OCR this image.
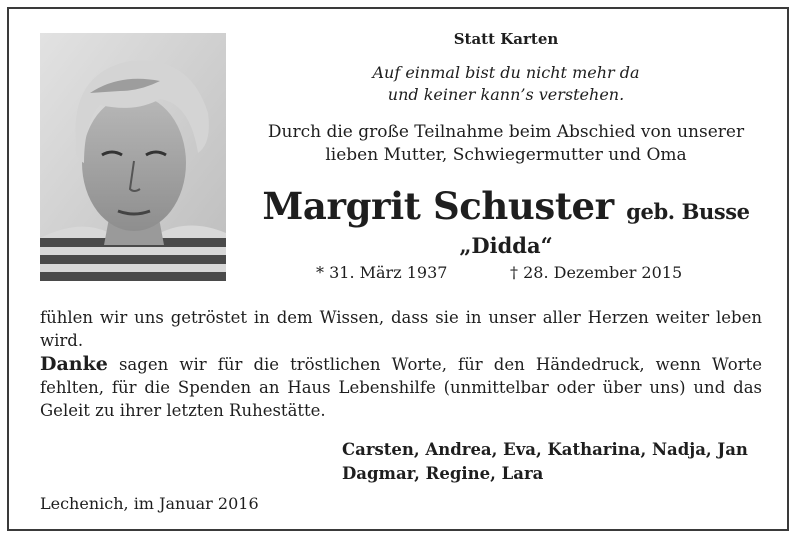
Statt Karten
Auf einmal bist du nicht mehr da
und keiner kann’s verstehen.
Durch die große Teilnahme beim Abschied von unserer
lieben Mutter, Schwiegermutter und Oma
Margrit Schuster geb. Busse
„Didda“
* 31. März 1937	† 28. Dezember 2015
fühlen wir uns getröstet in dem Wissen, dass sie in unser aller Herzen weiter leben wird.
Danke sagen wir für die tröstlichen Worte, für den Händedruck, wenn Worte fehlten, für die Spenden an Haus Lebenshilfe (unmittelbar oder über uns) und das Geleit zu ihrer letzten Ruhestätte.
Carsten, Andrea, Eva, Katharina, Nadja, Jan
Dagmar, Regine, Lara
Lechenich, im Januar 2016
